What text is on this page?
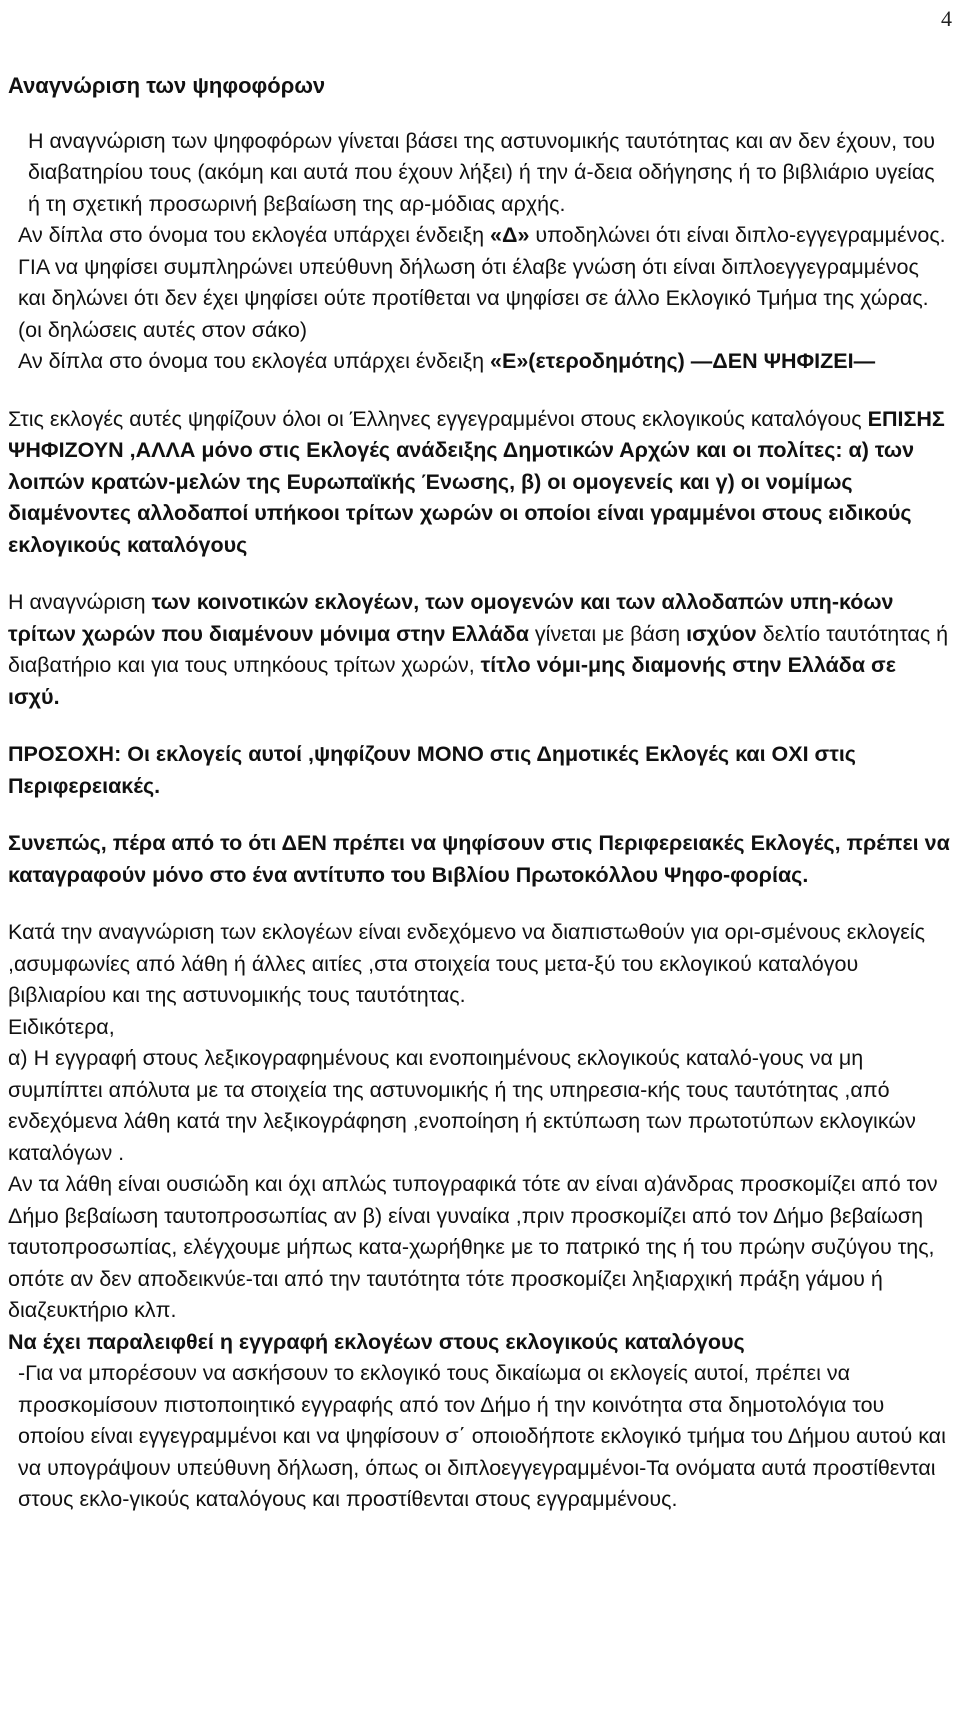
4

Αναγνώριση των ψηφοφόρων

Η αναγνώριση των ψηφοφόρων γίνεται βάσει της αστυνομικής ταυτότητας και αν δεν έχουν, του διαβατηρίου τους (ακόμη και αυτά που έχουν λήξει) ή την ά-δεια οδήγησης ή το βιβλιάριο υγείας ή τη σχετική προσωρινή βεβαίωση της αρ-μόδιας αρχής.

Αν δίπλα στο όνομα του εκλογέα υπάρχει ένδειξη «Δ» υποδηλώνει ότι είναι διπλο-εγγεγραμμένος. ΓΙΑ να ψηφίσει συμπληρώνει υπεύθυνη δήλωση ότι έλαβε γνώση ότι είναι διπλοεγγεγραμμένος και δηλώνει ότι δεν έχει ψηφίσει ούτε προτίθεται να ψηφίσει σε άλλο Εκλογικό Τμήμα της χώρας.(οι δηλώσεις αυτές στον σάκο)

Αν δίπλα στο όνομα του εκλογέα υπάρχει ένδειξη «Ε»(ετεροδημότης) —ΔΕΝ ΨΗΦΙΖΕΙ—

Στις εκλογές αυτές ψηφίζουν όλοι οι Έλληνες εγγεγραμμένοι στους εκλογικούς καταλόγους ΕΠΙΣΗΣ ΨΗΦΙΖΟΥΝ ,ΑΛΛΑ μόνο στις Εκλογές ανάδειξης Δημοτικών Αρχών και οι πολίτες: α) των λοιπών κρατών-μελών της Ευρωπαϊκής Ένωσης, β) οι ομογενείς και γ) οι νομίμως διαμένοντες αλλοδαποί υπήκοοι τρίτων χωρών οι οποίοι είναι γραμμένοι στους ειδικούς εκλογικούς καταλόγους

Η αναγνώριση των κοινοτικών εκλογέων, των ομογενών και των αλλοδαπών υπη-κόων τρίτων χωρών που διαμένουν μόνιμα στην Ελλάδα γίνεται με βάση ισχύον δελτίο ταυτότητας ή διαβατήριο και για τους υπηκόους τρίτων χωρών, τίτλο νόμι-μης διαμονής στην Ελλάδα σε ισχύ.

ΠΡΟΣΟΧΗ: Οι εκλογείς αυτοί ,ψηφίζουν ΜΟΝΟ στις Δημοτικές Εκλογές και ΟΧΙ στις Περιφερειακές.

Συνεπώς, πέρα από το ότι ΔΕΝ πρέπει να ψηφίσουν στις Περιφερειακές Εκλογές, πρέπει να καταγραφούν μόνο στο ένα αντίτυπο του Βιβλίου Πρωτοκόλλου Ψηφο-φορίας.

Κατά την αναγνώριση των εκλογέων είναι ενδεχόμενο να διαπιστωθούν για ορι-σμένους εκλογείς ,ασυμφωνίες από λάθη ή άλλες αιτίες ,στα στοιχεία τους μετα-ξύ του εκλογικού καταλόγου βιβλιαρίου και της αστυνομικής τους ταυτότητας.

Ειδικότερα,

α) Η εγγραφή στους λεξικογραφημένους και ενοποιημένους εκλογικούς καταλό-γους να μη συμπίπτει απόλυτα με τα στοιχεία της αστυνομικής ή της υπηρεσια-κής τους ταυτότητας ,από ενδεχόμενα λάθη κατά την λεξικογράφηση ,ενοποίηση ή εκτύπωση των πρωτοτύπων εκλογικών καταλόγων .

Αν τα λάθη είναι ουσιώδη και όχι απλώς τυπογραφικά τότε αν είναι α)άνδρας προσκομίζει από τον Δήμο βεβαίωση ταυτοπροσωπίας αν β) είναι γυναίκα ,πριν προσκομίζει από τον Δήμο βεβαίωση ταυτοπροσωπίας, ελέγχουμε μήπως κατα-χωρήθηκε με το πατρικό της ή του πρώην συζύγου της, οπότε αν δεν αποδεικνύε-ται από την ταυτότητα τότε προσκομίζει ληξιαρχική πράξη γάμου ή διαζευκτήριο κλπ.

Να έχει παραλειφθεί η εγγραφή εκλογέων στους εκλογικούς καταλόγους

-Για να μπορέσουν να ασκήσουν το εκλογικό τους δικαίωμα οι εκλογείς αυτοί, πρέπει να προσκομίσουν πιστοποιητικό εγγραφής από τον Δήμο ή την κοινότητα στα δημοτολόγια του οποίου είναι εγγεγραμμένοι και να ψηφίσουν σ΄ οποιοδήποτε εκλογικό τμήμα του Δήμου αυτού και να υπογράψουν υπεύθυνη δήλωση, όπως οι διπλοεγγεγραμμένοι-Τα ονόματα αυτά προστίθενται στους εκλο-γικούς καταλόγους και προστίθενται στους εγγραμμένους.
